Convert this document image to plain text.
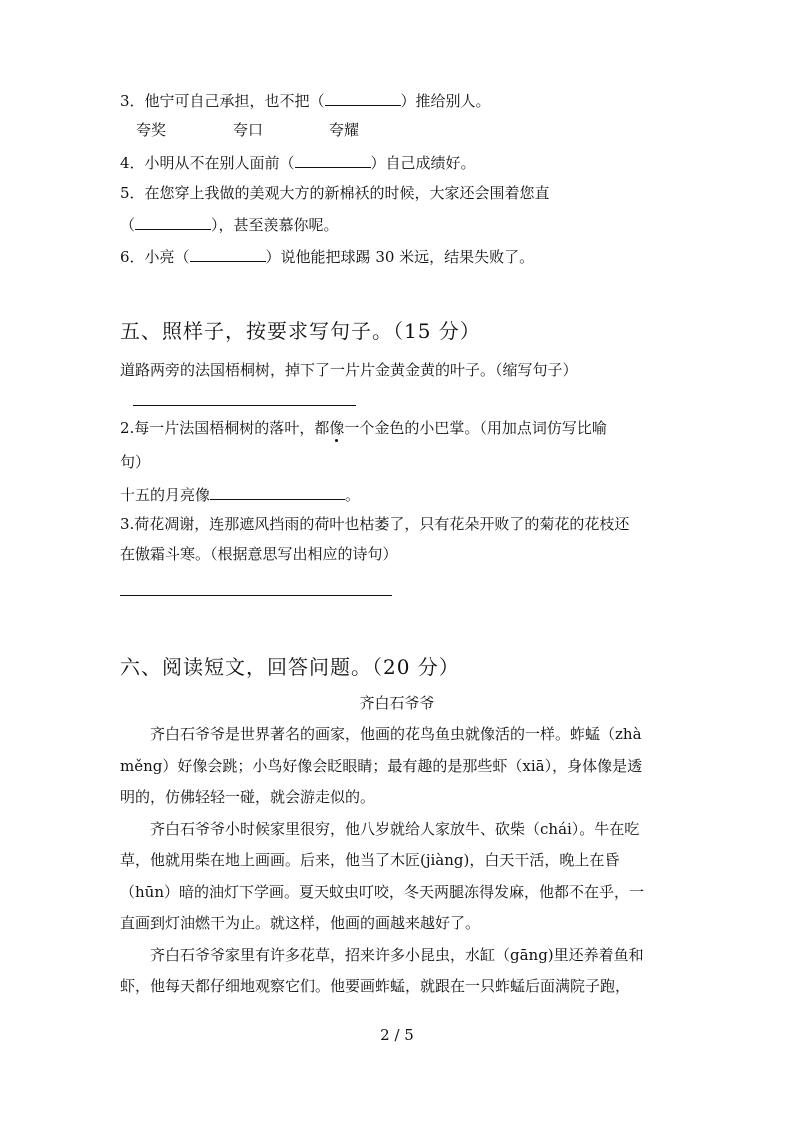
3．他宁可自己承担，也不把（	）推给别人。
夸奖	夸口	夸耀
4．小明从不在别人面前（	）自己成绩好。
5．在您穿上我做的美观大方的新棉袄的时候，大家还会围着您直
（	），甚至羡慕你呢。
6．小亮（	）说他能把球踢 30 米远，结果失败了。
五、照样子，按要求写句子。（15 分）
道路两旁的法国梧桐树，掉下了一片片金黄金黄的叶子。（缩写句子）
2.每一片法国梧桐树的落叶，都像一个金色的小巴掌。（用加点词仿写比喻
句）
十五的月亮像	。
3.荷花凋谢，连那遮风挡雨的荷叶也枯萎了，只有花朵开败了的菊花的花枝还
在傲霜斗寒。（根据意思写出相应的诗句）
六、阅读短文，回答问题。（20 分）
齐白石爷爷
齐白石爷爷是世界著名的画家，他画的花鸟鱼虫就像活的一样。蚱蜢（zhà
měng）好像会跳；小鸟好像会眨眼睛；最有趣的是那些虾（xiā），身体像是透
明的，仿佛轻轻一碰，就会游走似的。
齐白石爷爷小时候家里很穷，他八岁就给人家放牛、砍柴（chái）。牛在吃
草，他就用柴在地上画画。后来，他当了木匠(jiàng)，白天干活，晚上在昏
（hūn）暗的油灯下学画。夏天蚊虫叮咬，冬天两腿冻得发麻，他都不在乎，一
直画到灯油燃干为止。就这样，他画的画越来越好了。
齐白石爷爷家里有许多花草，招来许多小昆虫，水缸（gāng)里还养着鱼和
虾，他每天都仔细地观察它们。他要画蚱蜢，就跟在一只蚱蜢后面满院子跑，
2 / 5
